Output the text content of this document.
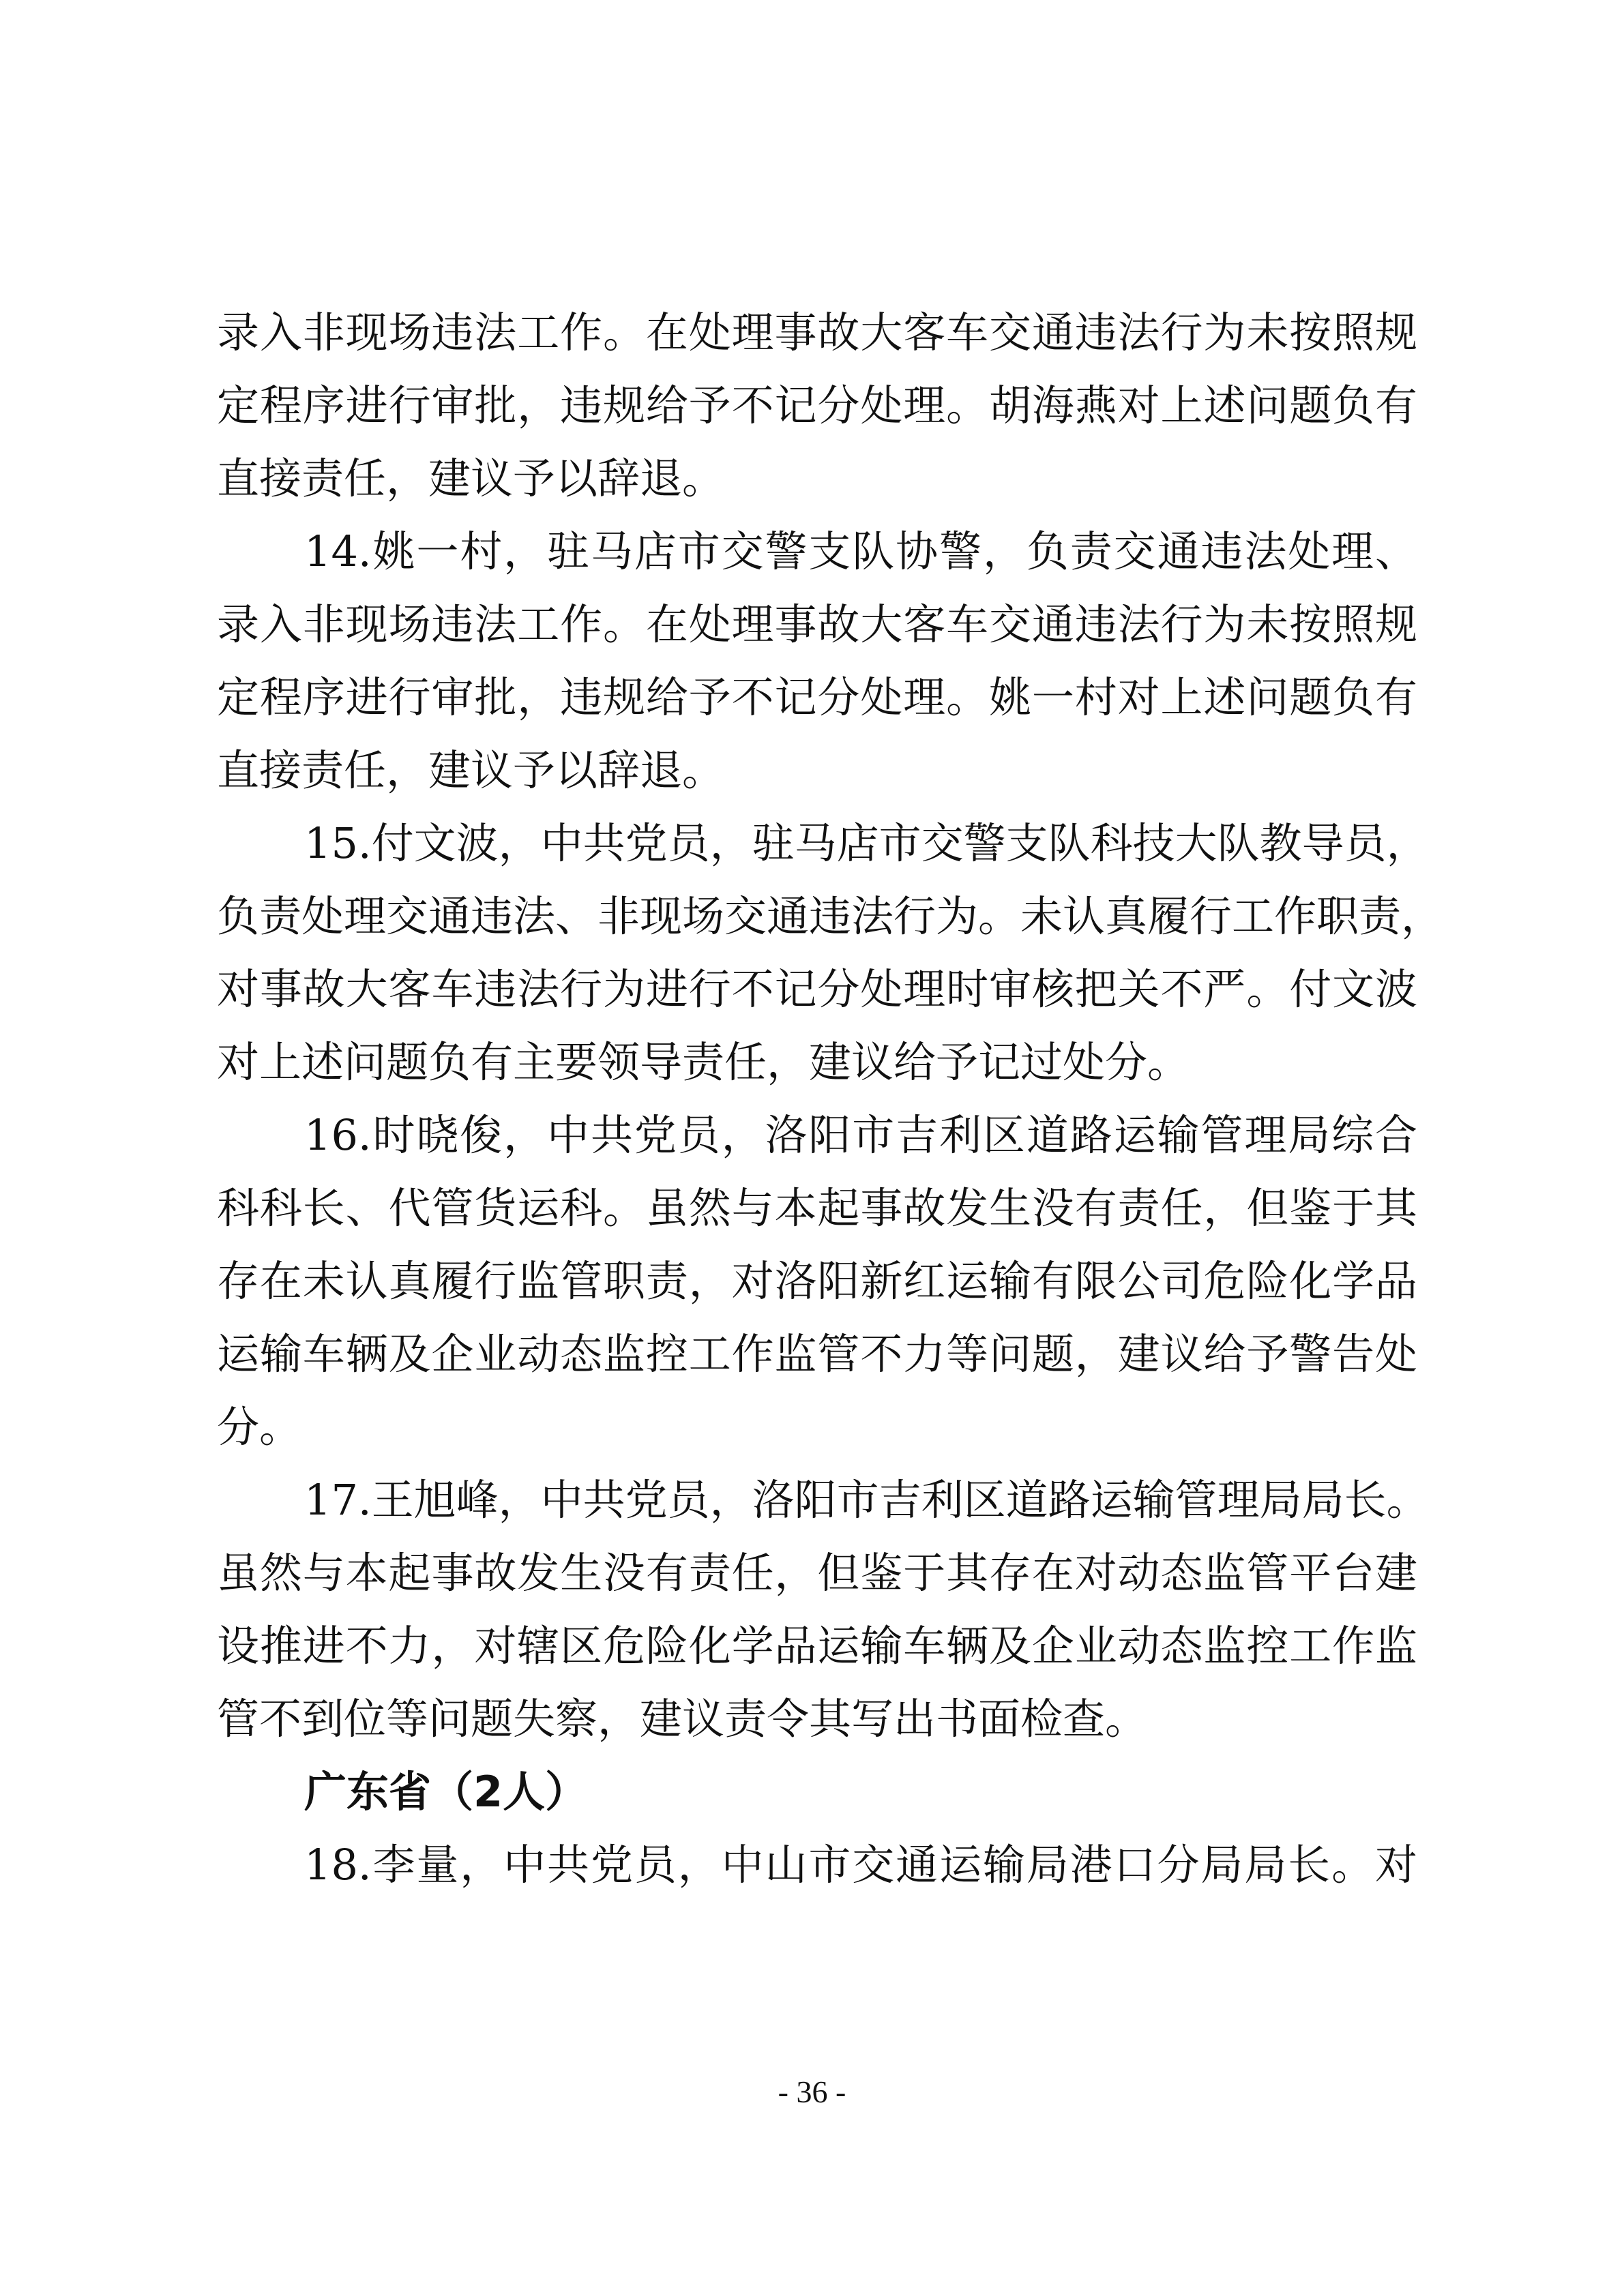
录入非现场违法工作。在处理事故大客车交通违法行为未按照规
定程序进行审批，违规给予不记分处理。胡海燕对上述问题负有
直接责任，建议予以辞退。
14.姚一村，驻马店市交警支队协警，负责交通违法处理、
录入非现场违法工作。在处理事故大客车交通违法行为未按照规
定程序进行审批，违规给予不记分处理。姚一村对上述问题负有
直接责任，建议予以辞退。
15.付文波，中共党员，驻马店市交警支队科技大队教导员，
负责处理交通违法、非现场交通违法行为。未认真履行工作职责，
对事故大客车违法行为进行不记分处理时审核把关不严。付文波
对上述问题负有主要领导责任，建议给予记过处分。
16.时晓俊，中共党员，洛阳市吉利区道路运输管理局综合
科科长、代管货运科。虽然与本起事故发生没有责任，但鉴于其
存在未认真履行监管职责，对洛阳新红运输有限公司危险化学品
运输车辆及企业动态监控工作监管不力等问题，建议给予警告处
分。
17.王旭峰，中共党员，洛阳市吉利区道路运输管理局局长。
虽然与本起事故发生没有责任，但鉴于其存在对动态监管平台建
设推进不力，对辖区危险化学品运输车辆及企业动态监控工作监
管不到位等问题失察，建议责令其写出书面检查。
广东省（2人）
18.李量，中共党员，中山市交通运输局港口分局局长。对
- 36 -
